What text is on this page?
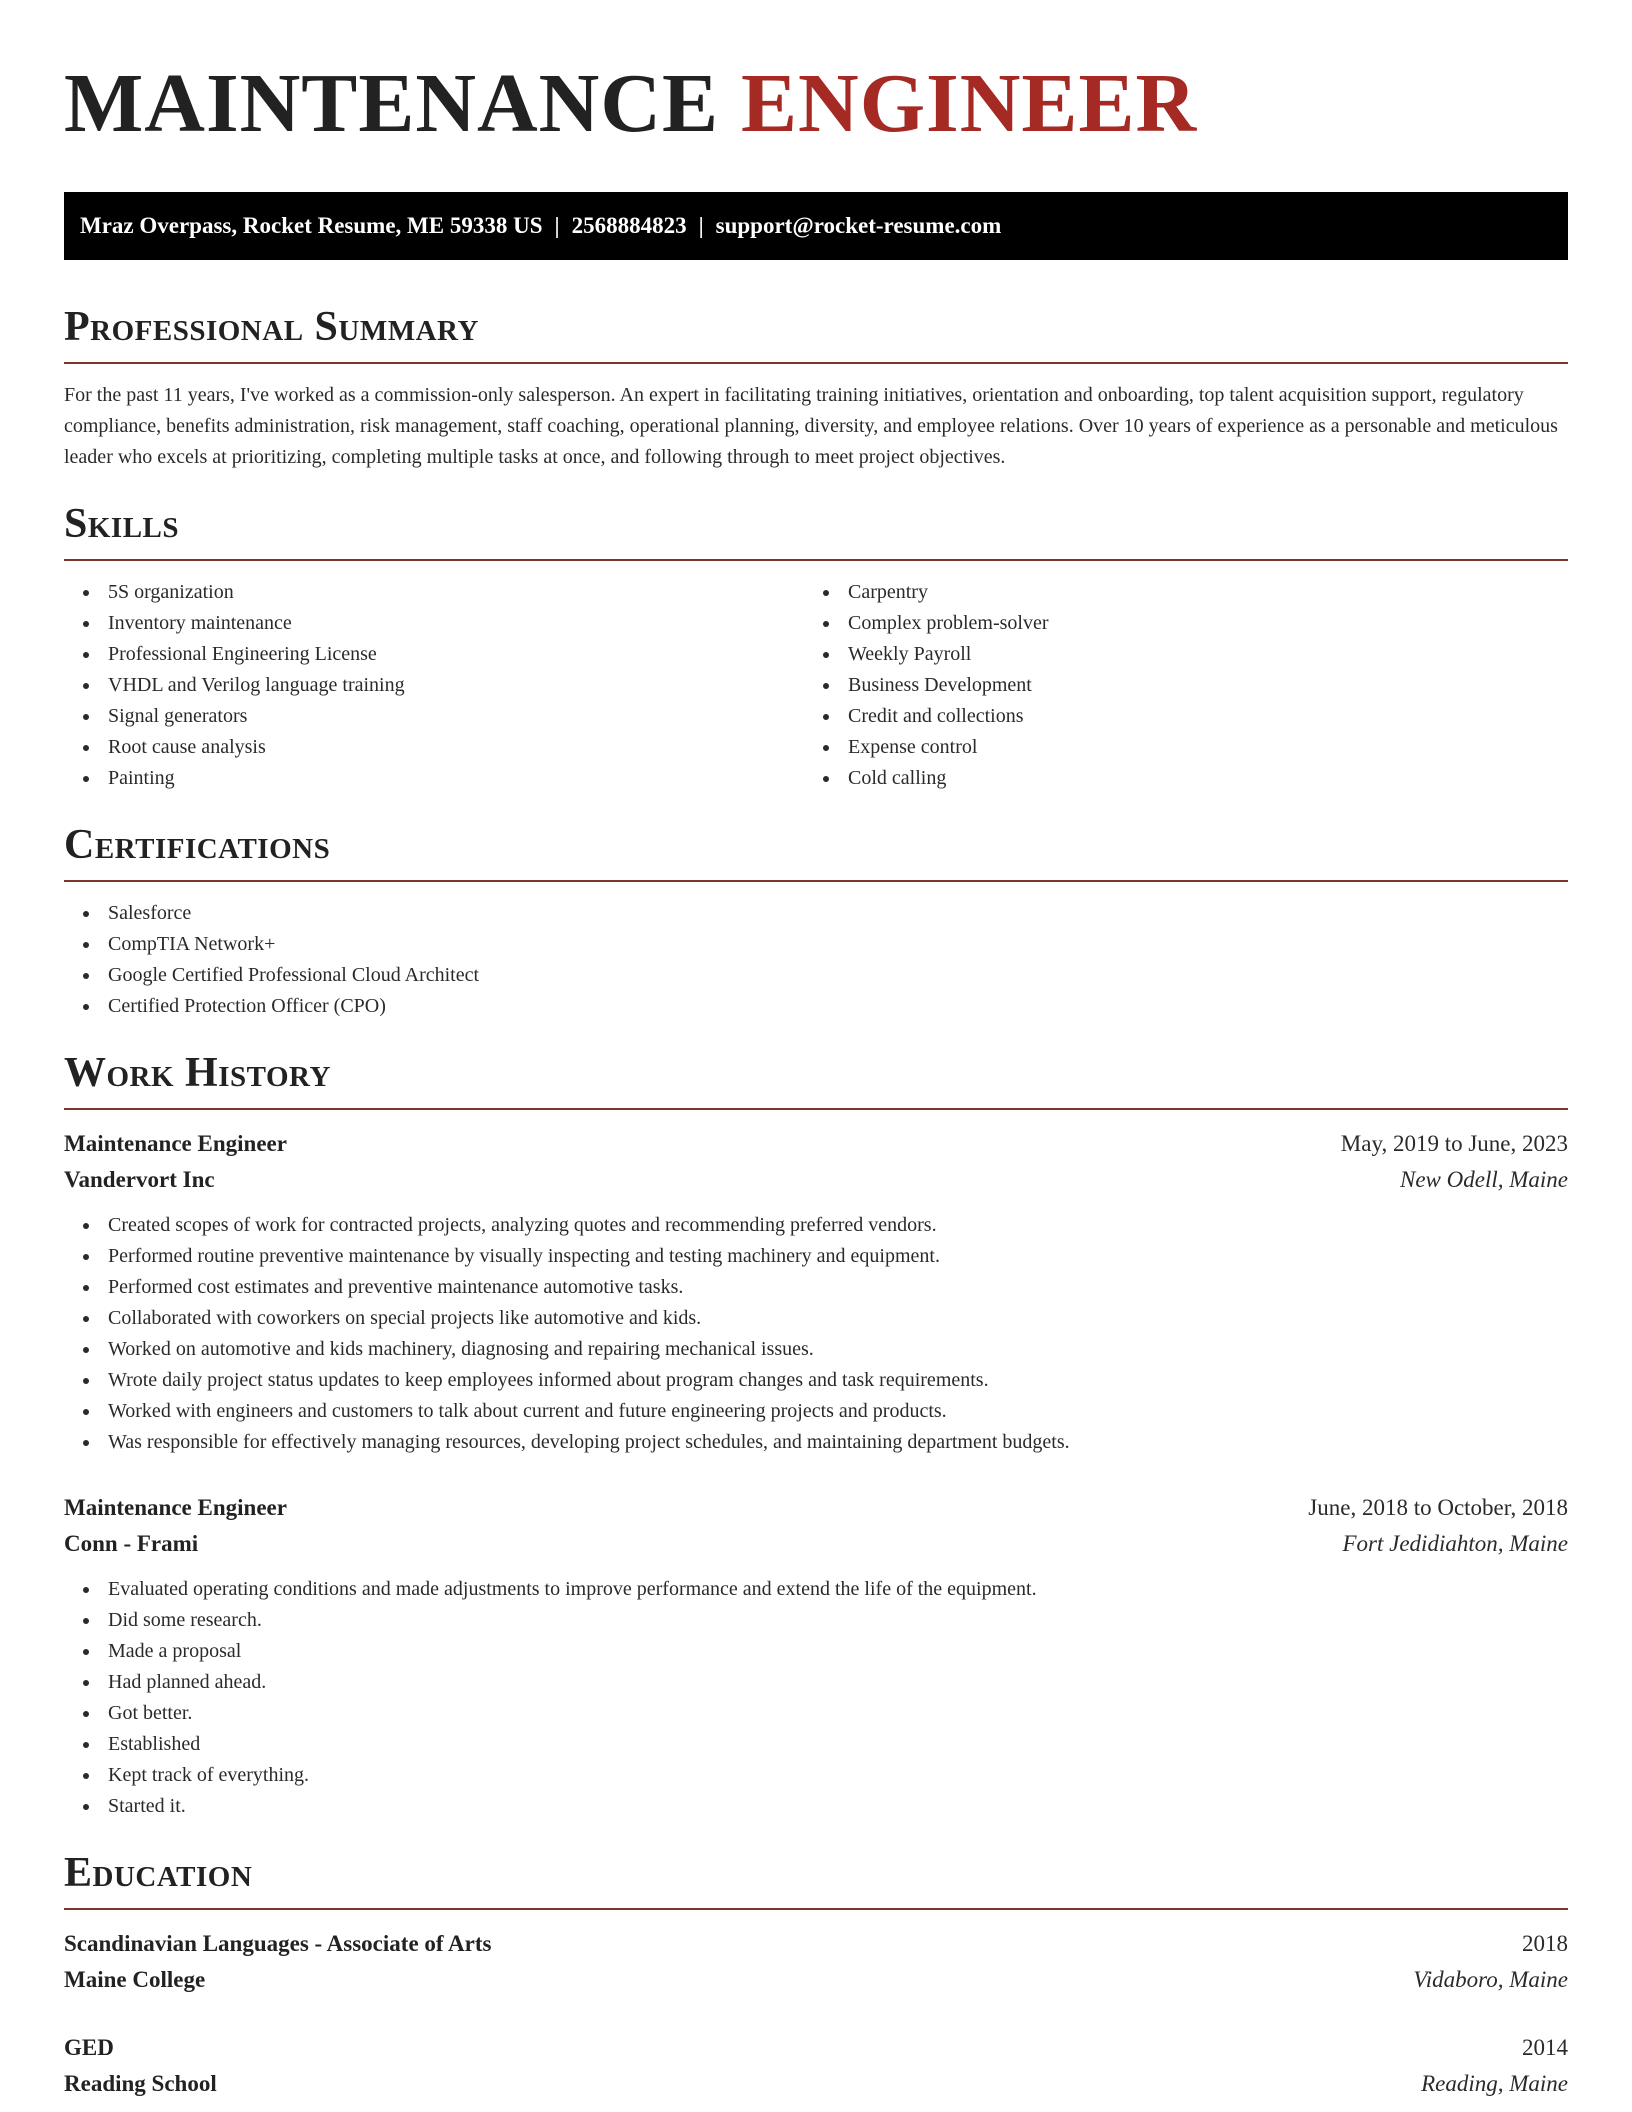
MAINTENANCE ENGINEER
Mraz Overpass, Rocket Resume, ME 59338 US | 2568884823 | support@rocket-resume.com
Professional Summary

For the past 11 years, I've worked as a commission-only salesperson. An expert in facilitating training initiatives, orientation and onboarding, top talent acquisition support, regulatory compliance, benefits administration, risk management, staff coaching, operational planning, diversity, and employee relations. Over 10 years of experience as a personable and meticulous leader who excels at prioritizing, completing multiple tasks at once, and following through to meet project objectives.

Skills
5S organization
Inventory maintenance
Professional Engineering License
VHDL and Verilog language training
Signal generators
Root cause analysis
Painting
Carpentry
Complex problem-solver
Weekly Payroll
Business Development
Credit and collections
Expense control
Cold calling
Certifications
Salesforce
CompTIA Network+
Google Certified Professional Cloud Architect
Certified Protection Officer (CPO)
Work History
Maintenance Engineer	May, 2019 to June, 2023
Vandervort Inc	New Odell, Maine
Created scopes of work for contracted projects, analyzing quotes and recommending preferred vendors.
Performed routine preventive maintenance by visually inspecting and testing machinery and equipment.
Performed cost estimates and preventive maintenance automotive tasks.
Collaborated with coworkers on special projects like automotive and kids.
Worked on automotive and kids machinery, diagnosing and repairing mechanical issues.
Wrote daily project status updates to keep employees informed about program changes and task requirements.
Worked with engineers and customers to talk about current and future engineering projects and products.
Was responsible for effectively managing resources, developing project schedules, and maintaining department budgets.
Maintenance Engineer	June, 2018 to October, 2018
Conn - Frami	Fort Jedidiahton, Maine
Evaluated operating conditions and made adjustments to improve performance and extend the life of the equipment.
Did some research.
Made a proposal
Had planned ahead.
Got better.
Established
Kept track of everything.
Started it.
Education
Scandinavian Languages - Associate of Arts	2018
Maine College	Vidaboro, Maine
GED	2014
Reading School	Reading, Maine
